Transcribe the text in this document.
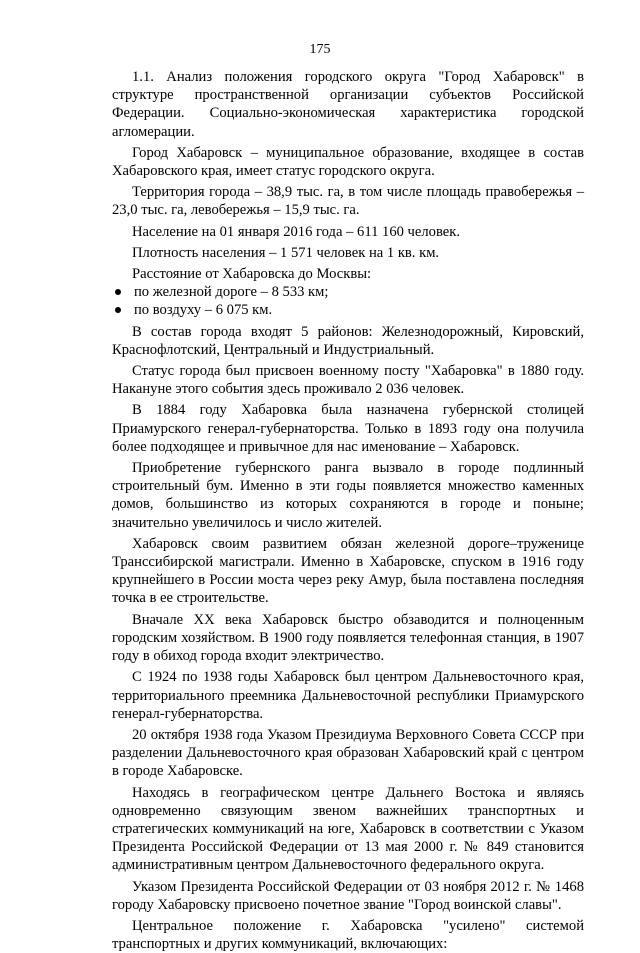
175

1.1. Анализ положения городского округа "Город Хабаровск" в структуре пространственной организации субъектов Российской Федерации. Социально-экономическая характеристика городской агломерации.

Город Хабаровск – муниципальное образование, входящее в состав Хабаровского края, имеет статус городского округа.

Территория города – 38,9 тыс. га, в том числе площадь правобережья – 23,0 тыс. га, левобережья – 15,9 тыс. га.

Население на 01 января 2016 года – 611 160 человек.

Плотность населения – 1 571 человек на 1 кв. км.

Расстояние от Хабаровска до Москвы:

по железной дороге – 8 533 км;
по воздуху – 6 075 км.

В состав города входят 5 районов: Железнодорожный, Кировский, Краснофлотский, Центральный и Индустриальный.

Статус города был присвоен военному посту "Хабаровка" в 1880 году. Накануне этого события здесь проживало 2 036 человек.

В 1884 году Хабаровка была назначена губернской столицей Приамурского генерал-губернаторства. Только в 1893 году она получила более подходящее и привычное для нас именование – Хабаровск.

Приобретение губернского ранга вызвало в городе подлинный строительный бум. Именно в эти годы появляется множество каменных домов, большинство из которых сохраняются в городе и поныне; значительно увеличилось и число жителей.

Хабаровск своим развитием обязан железной дороге–труженице Транссибирской магистрали. Именно в Хабаровске, спуском в 1916 году крупнейшего в России моста через реку Амур, была поставлена последняя точка в ее строительстве.

Вначале XX века Хабаровск быстро обзаводится и полноценным городским хозяйством. В 1900 году появляется телефонная станция, в 1907 году в обиход города входит электричество.

С 1924 по 1938 годы Хабаровск был центром Дальневосточного края, территориального преемника Дальневосточной республики Приамурского генерал-губернаторства.

20 октября 1938 года Указом Президиума Верховного Совета СССР при разделении Дальневосточного края образован Хабаровский край с центром в городе Хабаровске.

Находясь в географическом центре Дальнего Востока и являясь одновременно связующим звеном важнейших транспортных и стратегических коммуникаций на юге, Хабаровск в соответствии с Указом Президента Российской Федерации от 13 мая 2000 г. № 849 становится административным центром Дальневосточного федерального округа.

Указом Президента Российской Федерации от 03 ноября 2012 г. № 1468 городу Хабаровску присвоено почетное звание "Город воинской славы".

Центральное положение г. Хабаровска "усилено" системой транспортных и других коммуникаций, включающих:
